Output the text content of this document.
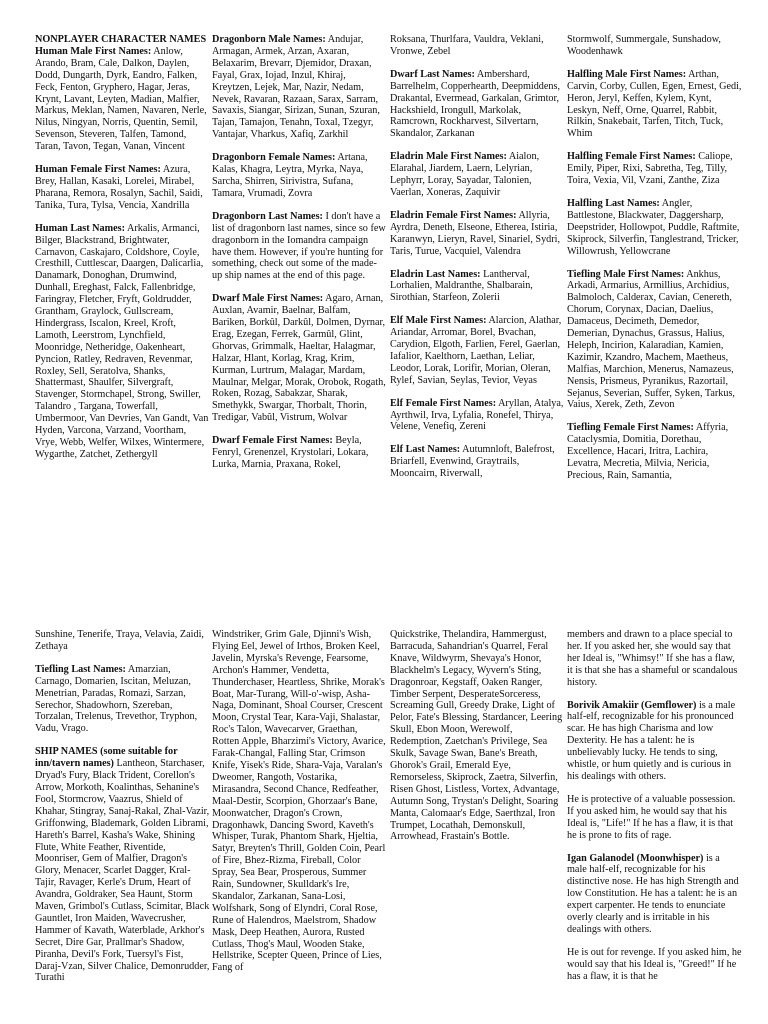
NONPLAYER CHARACTER NAMES

Human Male First Names: Anlow, Arando, Bram, Cale, Dalkon, Daylen, Dodd, Dungarth, Dyrk, Eandro, Falken, Feck, Fenton, Gryphero, Hagar, Jeras, Krynt, Lavant, Leyten, Madian, Malfier, Markus, Meklan, Namen, Navaren, Nerle, Nilus, Ningyan, Norris, Quentin, Semil, Sevenson, Steveren, Talfen, Tamond, Taran, Tavon, Tegan, Vanan, Vincent

Human Female First Names: Azura, Brey, Hallan, Kasaki, Lorelei, Mirabel, Pharana, Remora, Rosalyn, Sachil, Saidi, Tanika, Tura, Tylsa, Vencia, Xandrilla

Human Last Names: Arkalis, Armanci, Bilger, Blackstrand, Brightwater, Carnavon, Caskajaro, Coldshore, Coyle, Cresthill, Cuttlescar, Daargen, Dalicarlia, Danamark, Donoghan, Drumwind, Dunhall, Ereghast, Falck, Fallenbridge, Faringray, Fletcher, Fryft, Goldrudder, Grantham, Graylock, Gullscream, Hindergrass, Iscalon, Kreel, Kroft, Lamoth, Leerstrom, Lynchfield, Moonridge, Netheridge, Oakenheart, Pyncion, Ratley, Redraven, Revenmar, Roxley, Sell, Seratolva, Shanks, Shattermast, Shaulfer, Silvergraft, Stavenger, Stormchapel, Strong, Swiller, Talandro , Targana, Towerfall, Umbermoor, Van Devries, Van Gandt, Van Hyden, Varcona, Varzand, Voortham, Vrye, Webb, Welfer, Wilxes, Wintermere, Wygarthe, Zatchet, Zethergyll

Dragonborn Male Names: Andujar, Armagan, Armek, Arzan, Axaran, Belaxarim, Brevarr, Djemidor, Draxan, Fayal, Grax, Iojad, Inzul, Khiraj, Kreytzen, Lejek, Mar, Nazir, Nedam, Nevek, Ravaran, Razaan, Sarax, Sarram, Savaxis, Siangar, Sirizan, Sunan, Szuran, Tajan, Tamajon, Tenahn, Toxal, Tzegyr, Vantajar, Vharkus, Xafiq, Zarkhil

Dragonborn Female Names: Artana, Kalas, Khagra, Leytra, Myrka, Naya, Sarcha, Shirren, Sirivistra, Sufana, Tamara, Vrumadi, Zovra

Dragonborn Last Names: I don't have a list of dragonborn last names, since so few dragonborn in the Iomandra campaign have them. However, if you're hunting for something, check out some of the made-up ship names at the end of this page.

Dwarf Male First Names: Agaro, Arnan, Auxlan, Avamir, Baelnar, Balfam, Bariken, Borkûl, Darkûl, Dolmen, Dyrnar, Erag, Ezegan, Ferrek, Garmûl, Glint, Ghorvas, Grimmalk, Haeltar, Halagmar, Halzar, Hlant, Korlag, Krag, Krim, Kurman, Lurtrum, Malagar, Mardam, Maulnar, Melgar, Morak, Orobok, Rogath, Roken, Rozag, Sabakzar, Sharak, Smethykk, Swargar, Thorbalt, Thorin, Tredigar, Vabûl, Vistrum, Wolvar

Dwarf Female First Names: Beyla, Fenryl, Grenenzel, Krystolari, Lokara, Lurka, Marnia, Praxana, Rokel,

Roksana, Thurlfara, Vauldra, Veklani, Vronwe, Zebel

Dwarf Last Names: Ambershard, Barrelhelm, Copperhearth, Deepmiddens, Drakantal, Evermead, Garkalan, Grimtor, Hackshield, Irongull, Markolak, Ramcrown, Rockharvest, Silvertarn, Skandalor, Zarkanan

Eladrin Male First Names: Aialon, Elarahal, Jiardem, Laern, Lelyrian, Lephyrr, Loray, Sayadar, Talonien, Vaerlan, Xoneras, Zaquivir

Eladrin Female First Names: Allyria, Ayrdra, Deneth, Elseone, Etherea, Istiria, Karanwyn, Lieryn, Ravel, Sinariel, Sydri, Taris, Turue, Vacquiel, Valendra

Eladrin Last Names: Lantherval, Lorhalien, Maldranthe, Shalbarain, Sirothian, Starfeon, Zolerii

Elf Male First Names: Alarcion, Alathar, Ariandar, Arromar, Borel, Bvachan, Carydion, Elgoth, Farlien, Ferel, Gaerlan, Iafalior, Kaelthorn, Laethan, Leliar, Leodor, Lorak, Lorifir, Morian, Oleran, Rylef, Savian, Seylas, Tevior, Veyas

Elf Female First Names: Aryllan, Atalya, Ayrthwil, Irva, Lyfalia, Ronefel, Thirya, Velene, Venefiq, Zereni

Elf Last Names: Autumnloft, Balefrost, Briarfell, Evenwind, Graytrails, Mooncairn, Riverwall,

Stormwolf, Summergale, Sunshadow, Woodenhawk

Halfling Male First Names: Arthan, Carvin, Corby, Cullen, Egen, Ernest, Gedi, Heron, Jeryl, Keffen, Kylem, Kynt, Leskyn, Neff, Orne, Quarrel, Rabbit, Rilkin, Snakebait, Tarfen, Titch, Tuck, Whim

Halfling Female First Names: Caliope, Emily, Piper, Rixi, Sabretha, Teg, Tilly, Toira, Vexia, Vil, Vzani, Zanthe, Ziza

Halfling Last Names: Angler, Battlestone, Blackwater, Daggersharp, Deepstrider, Hollowpot, Puddle, Raftmite, Skiprock, Silverfin, Tanglestrand, Tricker, Willowrush, Yellowcrane

Tiefling Male First Names: Ankhus, Arkadi, Armarius, Armillius, Archidius, Balmoloch, Calderax, Cavian, Cenereth, Chorum, Corynax, Dacian, Daelius, Damaceus, Decimeth, Demedor, Demerian, Dynachus, Grassus, Halius, Heleph, Incirion, Kalaradian, Kamien, Kazimir, Kzandro, Machem, Maetheus, Malfias, Marchion, Menerus, Namazeus, Nensis, Prismeus, Pyranikus, Razortail, Sejanus, Severian, Suffer, Syken, Tarkus, Vaius, Xerek, Zeth, Zevon

Tiefling Female First Names: Affyria, Cataclysmia, Domitia, Dorethau, Excellence, Hacari, Iritra, Lachira, Levatra, Mecretia, Milvia, Nericia, Precious, Rain, Samantia,

Sunshine, Tenerife, Traya, Velavia, Zaidi, Zethaya

Tiefling Last Names: Amarzian, Carnago, Domarien, Iscitan, Meluzan, Menetrian, Paradas, Romazi, Sarzan, Serechor, Shadowhorn, Szereban, Torzalan, Trelenus, Trevethor, Tryphon, Vadu, Vrago.

SHIP NAMES (some suitable for inn/tavern names) Lantheon, Starchaser, Dryad's Fury, Black Trident, Corellon's Arrow, Morkoth, Koalinthas, Sehanine's Fool, Stormcrow, Vaazrus, Shield of Khahar, Stingray, Sanaj-Rakal, Zhal-Vazir, Griffonwing, Blademark, Golden Librami, Hareth's Barrel, Kasha's Wake, Shining Flute, White Feather, Riventide, Moonriser, Gem of Malfier, Dragon's Glory, Menacer, Scarlet Dagger, Kral-Tajir, Ravager, Kerle's Drum, Heart of Avandra, Goldraker, Sea Haunt, Storm Maven, Grimbol's Cutlass, Scimitar, Black Gauntlet, Iron Maiden, Wavecrusher, Hammer of Kavath, Waterblade, Arkhor's Secret, Dire Gar, Prallmar's Shadow, Piranha, Devil's Fork, Tuersyl's Fist, Daraj-Vzan, Silver Chalice, Demonrudder, Turathi

Windstriker, Grim Gale, Djinni's Wish, Flying Eel, Jewel of Irthos, Broken Keel, Javelin, Myrska's Revenge, Fearsome, Archon's Hammer, Vendetta, Thunderchaser, Heartless, Shrike, Morak's Boat, Mar-Turang, Will-o'-wisp, Asha-Naga, Dominant, Shoal Courser, Crescent Moon, Crystal Tear, Kara-Vaji, Shalastar, Roc's Talon, Wavecarver, Graethan, Rotten Apple, Bharzimi's Victory, Avarice, Farak-Changal, Falling Star, Crimson Knife, Yisek's Ride, Shara-Vaja, Varalan's Dweomer, Rangoth, Vostarika, Mirasandra, Second Chance, Redfeather, Maal-Destir, Scorpion, Ghorzaar's Bane, Moonwatcher, Dragon's Crown, Dragonhawk, Dancing Sword, Kaveth's Whisper, Turak, Phantom Shark, Hjeltia, Satyr, Breyten's Thrill, Golden Coin, Pearl of Fire, Bhez-Rizma, Fireball, Color Spray, Sea Bear, Prosperous, Summer Rain, Sundowner, Skulldark's Ire, Skandalor, Zarkanan, Sana-Losi, Wolfshark, Song of Elyndri, Coral Rose, Rune of Halendros, Maelstrom, Shadow Mask, Deep Heathen, Aurora, Rusted Cutlass, Thog's Maul, Wooden Stake, Hellstrike, Scepter Queen, Prince of Lies, Fang of

Quickstrike, Thelandira, Hammergust, Barracuda, Sahandrian's Quarrel, Feral Knave, Wildwyrm, Shevaya's Honor, Blackhelm's Legacy, Wyvern's Sting, Dragonroar, Kegstaff, Oaken Ranger, Timber Serpent, DesperateSorceress, Screaming Gull, Greedy Drake, Light of Pelor, Fate's Blessing, Stardancer, Leering Skull, Ebon Moon, Werewolf, Redemption, Zaetchan's Privilege, Sea Skulk, Savage Swan, Bane's Breath, Ghorok's Grail, Emerald Eye, Remorseless, Skiprock, Zaetra, Silverfin, Risen Ghost, Listless, Vortex, Advantage, Autumn Song, Trystan's Delight, Soaring Manta, Calomaar's Edge, Saerthzal, Iron Trumpet, Locathah, Demonskull, Arrowhead, Frastain's Bottle.

members and drawn to a place special to her. If you asked her, she would say that her Ideal is, "Whimsy!" If she has a flaw, it is that she has a shameful or scandalous history.

Borivik Amakiir (Gemflower) is a male half-elf, recognizable for his pronounced scar. He has high Charisma and low Dexterity. He has a talent: he is unbelievably lucky. He tends to sing, whistle, or hum quietly and is curious in his dealings with others.

He is protective of a valuable possession. If you asked him, he would say that his Ideal is, "Life!" If he has a flaw, it is that he is prone to fits of rage.

Igan Galanodel (Moonwhisper) is a male half-elf, recognizable for his distinctive nose. He has high Strength and low Constitution. He has a talent: he is an expert carpenter. He tends to enunciate overly clearly and is irritable in his dealings with others.

He is out for revenge. If you asked him, he would say that his Ideal is, "Greed!" If he has a flaw, it is that he
